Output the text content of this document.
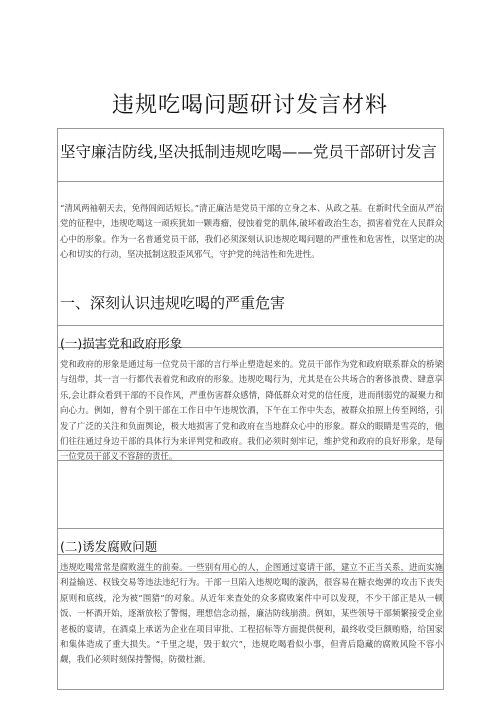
违规吃喝问题研讨发言材料
坚守廉洁防线,坚决抵制违规吃喝——党员干部研讨发言

“清风两袖朝天去，免得闾阎话短长。”清正廉洁是党员干部的立身之本、从政之基。在新时代全面从严治党的征程中，违规吃喝这一顽疾犹如一颗毒瘤，侵蚀着党的肌体,破坏着政治生态，损害着党在人民群众心中的形象。作为一名普通党员干部，我们必须深刻认识违规吃喝问题的严重性和危害性，以坚定的决心和切实的行动，坚决抵制这股歪风邪气，守护党的纯洁性和先进性。

一、深刻认识违规吃喝的严重危害
(一)损害党和政府形象

党和政府的形象是通过每一位党员干部的言行举止塑造起来的。党员干部作为党和政府联系群众的桥梁与纽带，其一言一行都代表着党和政府的形象。违规吃喝行为，尤其是在公共场合的奢侈浪费、肆意享乐,会让群众看到干部的不良作风，严重伤害群众感情，降低群众对党的信任度，进而削弱党的凝聚力和向心力。例如，曾有个别干部在工作日中午违规饮酒，下午在工作中失态，被群众拍照上传至网络，引发了广泛的关注和负面舆论，极大地损害了党和政府在当地群众心中的形象。群众的眼睛是雪亮的，他们往往通过身边干部的具体行为来评判党和政府。我们必须时刻牢记，维护党和政府的良好形象，是每一位党员干部义不容辞的责任。

(二)诱发腐败问题

违规吃喝常常是腐败滋生的前奏。一些别有用心的人，企图通过宴请干部，建立不正当关系，进而实施利益输送、权钱交易等违法违纪行为。干部一旦陷入违规吃喝的漩涡，很容易在糖衣炮弹的攻击下丧失原则和底线，沦为被“围猎”的对象。从近年来查处的众多腐败案件中可以发现，不少干部正是从一顿饭、一杯酒开始，逐渐放松了警惕，理想信念动摇，廉洁防线崩溃。例如，某些领导干部频繁接受企业老板的宴请，在酒桌上承诺为企业在项目审批、工程招标等方面提供便利，最终收受巨额贿赂，给国家和集体造成了重大损失。“千里之堤，毁于蚁穴”，违规吃喝看似小事，但背后隐藏的腐败风险不容小觑，我们必须时刻保持警惕，防微杜渐。
